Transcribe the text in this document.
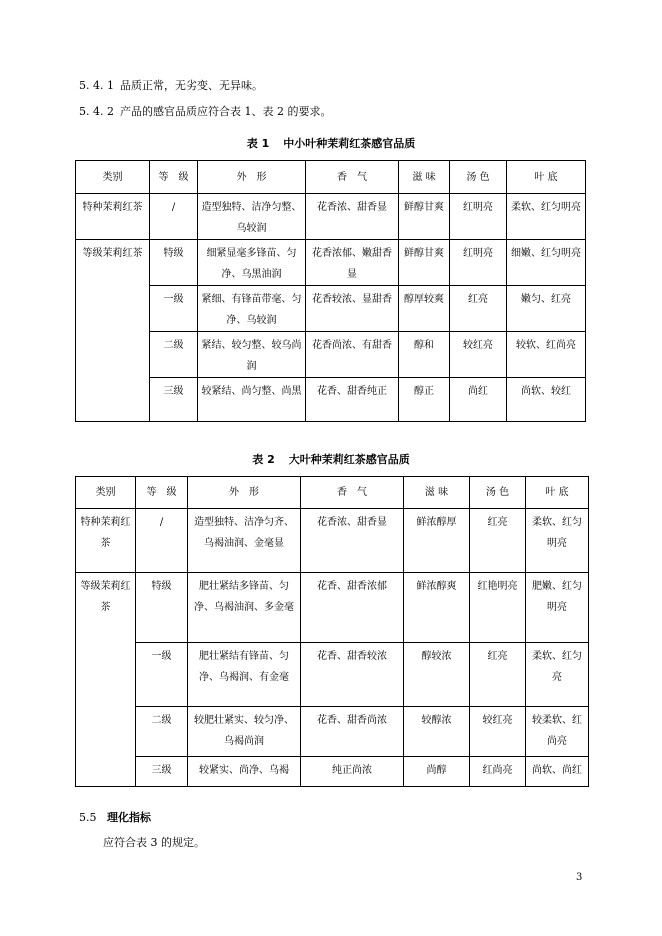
5. 4. 1 品质正常，无劣变、无异味。
5. 4. 2 产品的感官品质应符合表 1、表 2 的要求。
表 1 中小叶种茉莉红茶感官品质
类别	等　级	外　形	香　气	滋 味	汤 色	叶 底
特种茉莉红茶	/	造型独特、洁净匀整、乌较润	花香浓、甜香显	鲜醇甘爽	红明亮	柔软、红匀明亮
等级茉莉红茶	特级	细紧显毫多锋苗、匀净、乌黑油润	花香浓郁、嫩甜香显	鲜醇甘爽	红明亮	细嫩、红匀明亮
	一级	紧细、有锋苗带毫、匀净、乌较润	花香较浓、显甜香	醇厚较爽	红亮	嫩匀、红亮
	二级	紧结、较匀整、较乌尚润	花香尚浓、有甜香	醇和	较红亮	较软、红尚亮
	三级	较紧结、尚匀整、尚黑	花香、甜香纯正	醇正	尚红	尚软、较红
表 2 大叶种茉莉红茶感官品质
类别	等　级	外　形	香　气	滋 味	汤 色	叶 底
特种茉莉红茶	/	造型独特、洁净匀齐、乌褐油润、金毫显	花香浓、甜香显	鲜浓醇厚	红亮	柔软、红匀明亮
等级茉莉红茶	特级	肥壮紧结多锋苗、匀净、乌褐油润、多金毫	花香、甜香浓郁	鲜浓醇爽	红艳明亮	肥嫩、红匀明亮
	一级	肥壮紧结有锋苗、匀净、乌褐润、有金毫	花香、甜香较浓	醇较浓	红亮	柔软、红匀亮
	二级	较肥壮紧实、较匀净、乌褐尚润	花香、甜香尚浓	较醇浓	较红亮	较柔软、红尚亮
	三级	较紧实、尚净、乌褐	纯正尚浓	尚醇	红尚亮	尚软、尚红
5.5 理化指标
应符合表 3 的规定。
3
